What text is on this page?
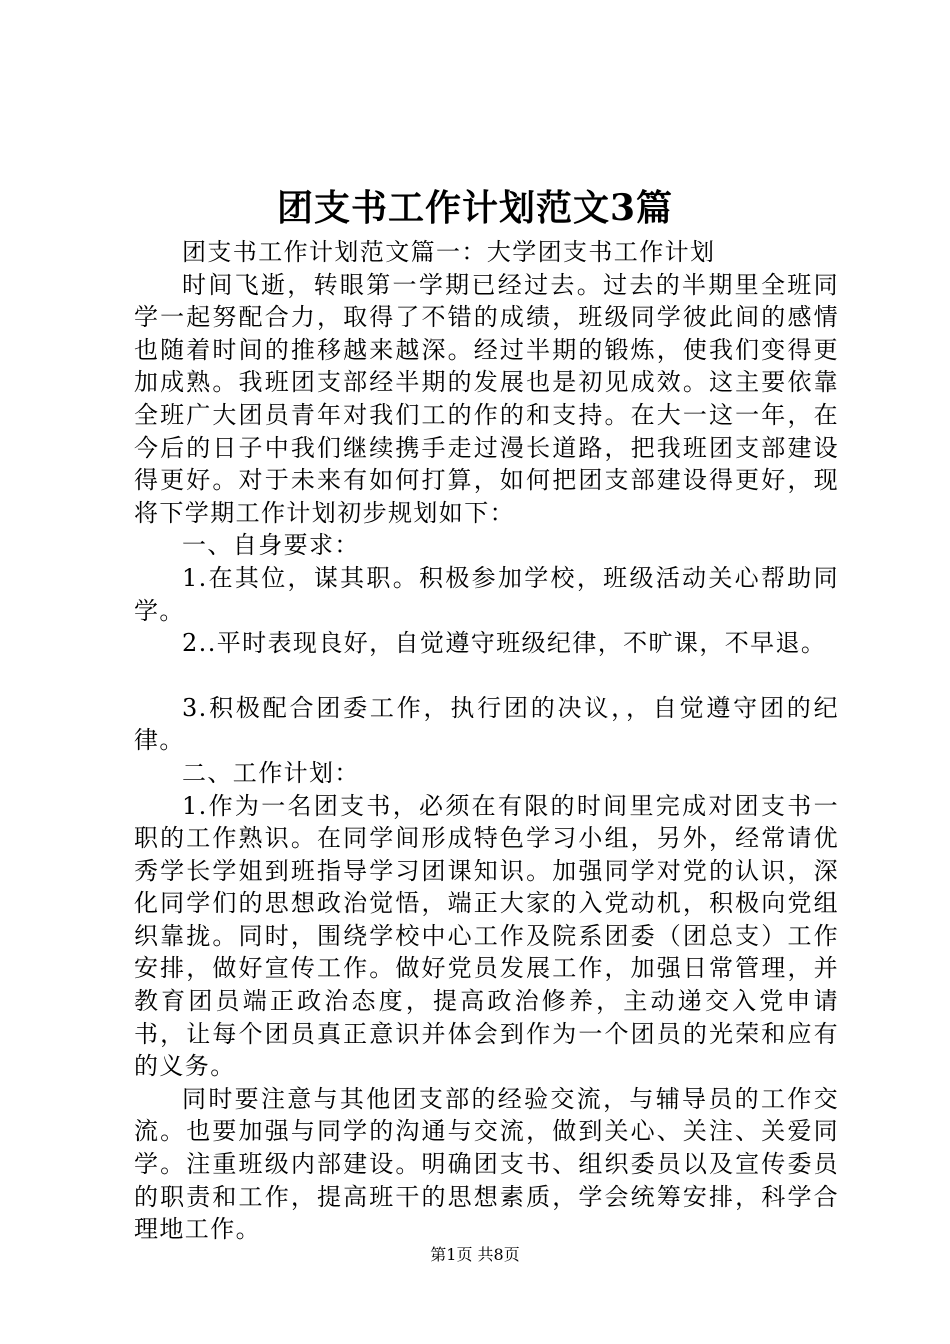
团支书工作计划范文3篇

团支书工作计划范文篇一：大学团支书工作计划

时间飞逝，转眼第一学期已经过去。过去的半期里全班同学一起努配合力，取得了不错的成绩，班级同学彼此间的感情也随着时间的推移越来越深。经过半期的锻炼，使我们变得更加成熟。我班团支部经半期的发展也是初见成效。这主要依靠全班广大团员青年对我们工的作的和支持。在大一这一年，在今后的日子中我们继续携手走过漫长道路，把我班团支部建设得更好。对于未来有如何打算，如何把团支部建设得更好，现将下学期工作计划初步规划如下：

一、自身要求：

1.在其位，谋其职。积极参加学校，班级活动关心帮助同学。

2..平时表现良好，自觉遵守班级纪律，不旷课，不早退。

3.积极配合团委工作，执行团的决议，，自觉遵守团的纪律。

二、工作计划：

1.作为一名团支书，必须在有限的时间里完成对团支书一职的工作熟识。在同学间形成特色学习小组，另外，经常请优秀学长学姐到班指导学习团课知识。加强同学对党的认识，深化同学们的思想政治觉悟，端正大家的入党动机，积极向党组织靠拢。同时，围绕学校中心工作及院系团委（团总支）工作安排，做好宣传工作。做好党员发展工作，加强日常管理，并教育团员端正政治态度，提高政治修养，主动递交入党申请书，让每个团员真正意识并体会到作为一个团员的光荣和应有的义务。

同时要注意与其他团支部的经验交流，与辅导员的工作交流。也要加强与同学的沟通与交流，做到关心、关注、关爱同学。注重班级内部建设。明确团支书、组织委员以及宣传委员的职责和工作，提高班干的思想素质，学会统筹安排，科学合理地工作。

第1页 共8页
